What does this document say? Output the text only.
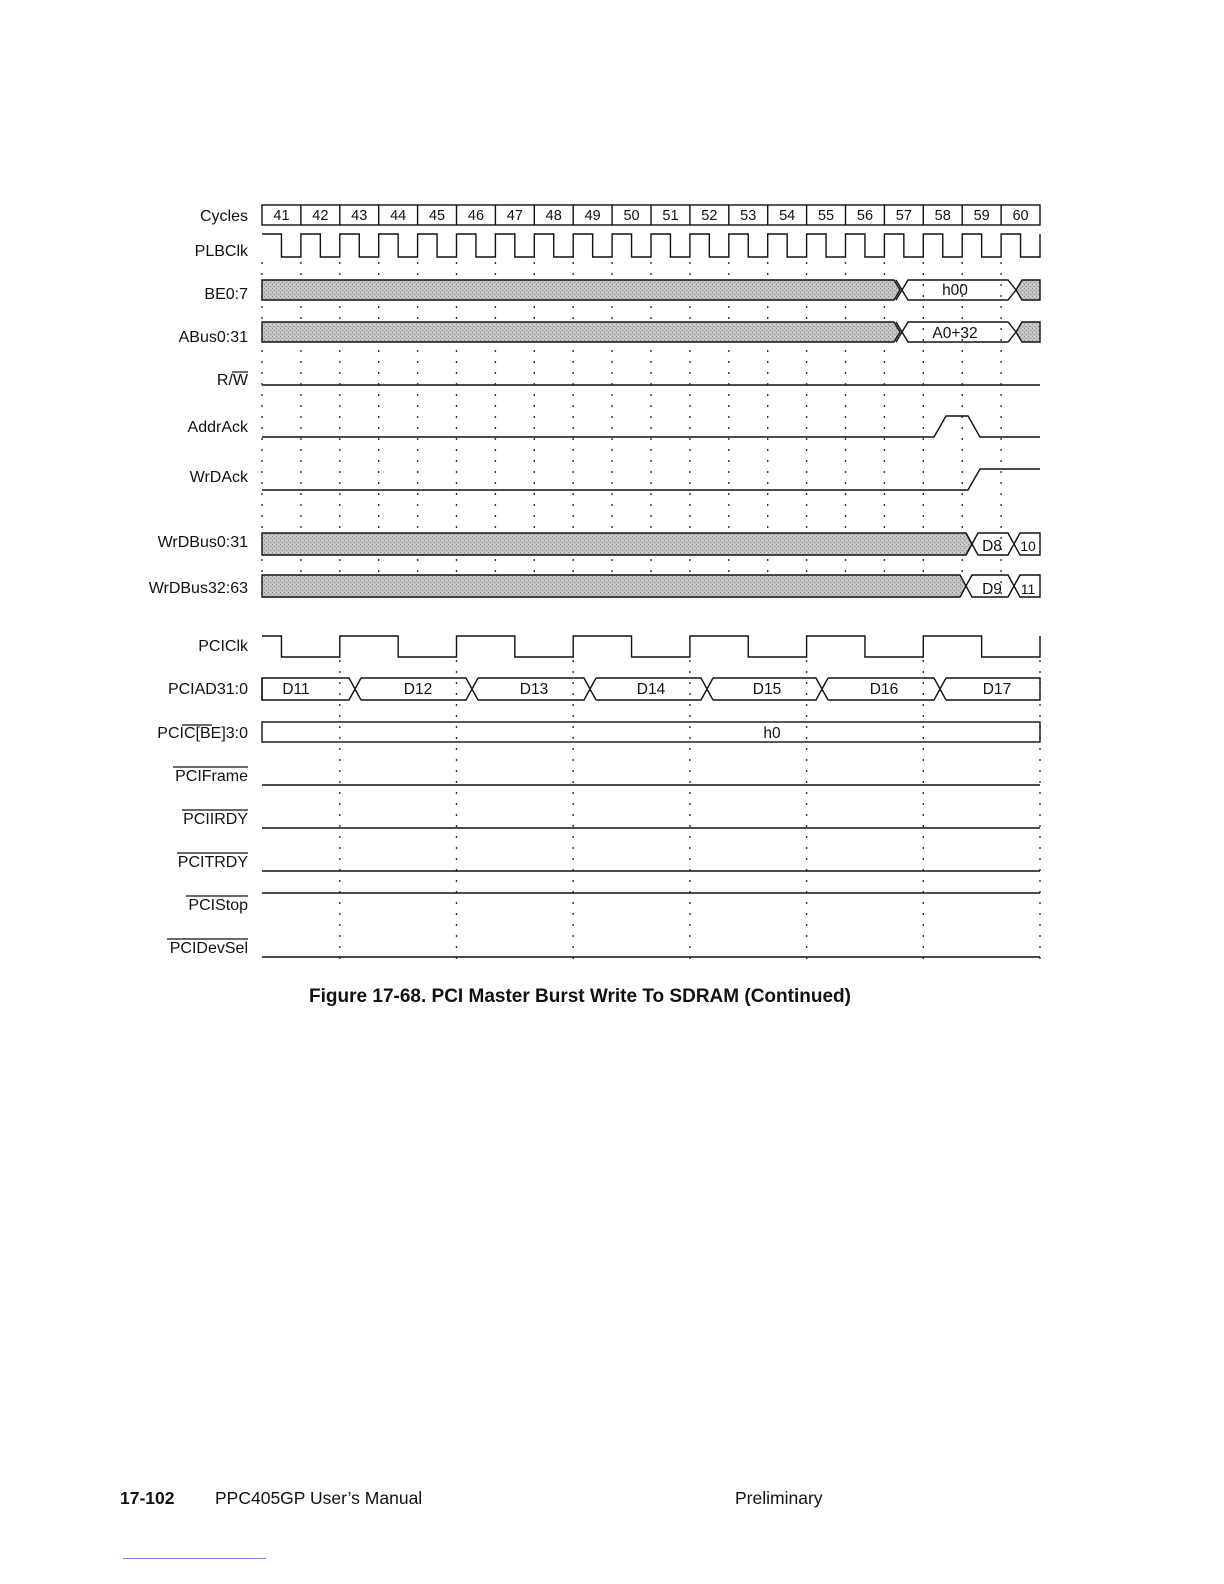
Cycles
PLBClk
BE0:7
ABus0:31
R/W
AddrAck
WrDAck
WrDBus0:31
WrDBus32:63
PCIClk
PCIAD31:0
PCIC[BE]3:0
PCIFrame
PCIIRDY
PCITRDY
PCIStop
PCIDevSel
h00
A0+32
D8 10
D9 11
D11	D12	D13	D14	D15	D16	D17
h0
41 42 43 44 45 46 47 48 49 50 51 52 53 54 55 56 57 58 59 60
Figure 17-68. PCI Master Burst Write To SDRAM (Continued)
17-102 PPC405GP User’s Manual	Preliminary
